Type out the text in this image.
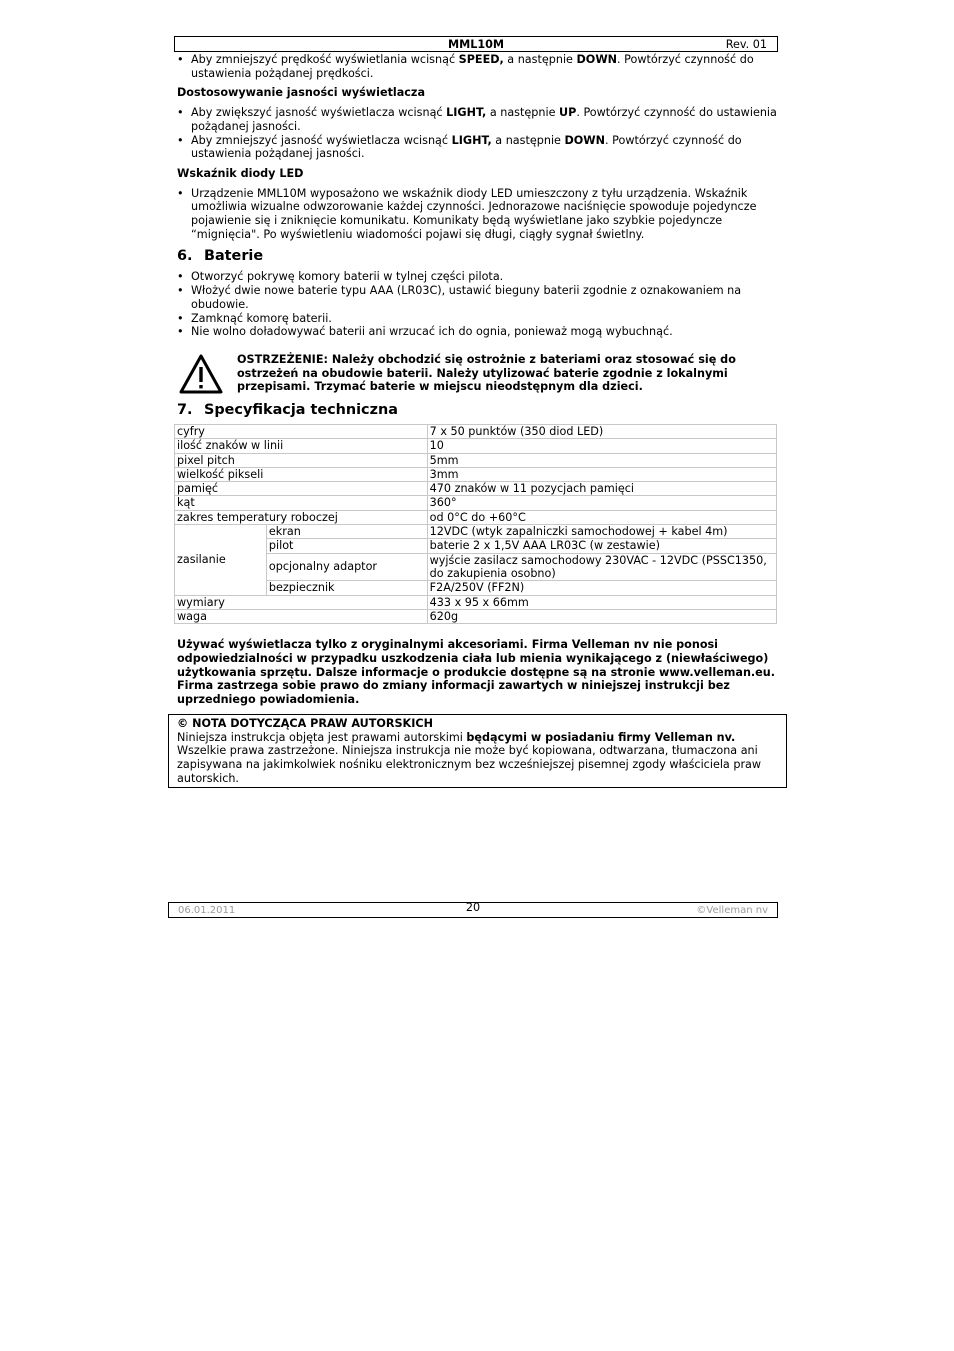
MML10M	Rev. 01
• Aby zmniejszyć prędkość wyświetlania wcisnąć SPEED, a następnie DOWN. Powtórzyć czynność do ustawienia pożądanej prędkości.
Dostosowywanie jasności wyświetlacza
• Aby zwiększyć jasność wyświetlacza wcisnąć LIGHT, a następnie UP. Powtórzyć czynność do ustawienia pożądanej jasności.
• Aby zmniejszyć jasność wyświetlacza wcisnąć LIGHT, a następnie DOWN. Powtórzyć czynność do ustawienia pożądanej jasności.
Wskaźnik diody LED
• Urządzenie MML10M wyposażono we wskaźnik diody LED umieszczony z tyłu urządzenia. Wskaźnik umożliwia wizualne odwzorowanie każdej czynności. Jednorazowe naciśnięcie spowoduje pojedyncze pojawienie się i zniknięcie komunikatu. Komunikaty będą wyświetlane jako szybkie pojedyncze “mignięcia". Po wyświetleniu wiadomości pojawi się długi, ciągły sygnał świetlny.
6. Baterie
• Otworzyć pokrywę komory baterii w tylnej części pilota.
• Włożyć dwie nowe baterie typu AAA (LR03C), ustawić bieguny baterii zgodnie z oznakowaniem na obudowie.
• Zamknąć komorę baterii.
• Nie wolno doładowywać baterii ani wrzucać ich do ognia, ponieważ mogą wybuchnąć.
OSTRZEŻENIE: Należy obchodzić się ostrożnie z bateriami oraz stosować się do ostrzeżeń na obudowie baterii. Należy utylizować baterie zgodnie z lokalnymi przepisami. Trzymać baterie w miejscu nieodstępnym dla dzieci.
7. Specyfikacja techniczna
cyfry		7 x 50 punktów (350 diod LED)
ilość znaków w linii		10
pixel pitch		5mm
wielkość pikseli		3mm
pamięć		470 znaków w 11 pozycjach pamięci
kąt		360°
zakres temperatury roboczej		od 0°C do +60°C
zasilanie	ekran	12VDC (wtyk zapalniczki samochodowej + kabel 4m)
	pilot	baterie 2 x 1,5V AAA LR03C (w zestawie)
	opcjonalny adaptor	wyjście zasilacz samochodowy 230VAC - 12VDC (PSSC1350, do zakupienia osobno)
	bezpiecznik	F2A/250V (FF2N)
wymiary		433 x 95 x 66mm
waga		620g
Używać wyświetlacza tylko z oryginalnymi akcesoriami. Firma Velleman nv nie ponosi odpowiedzialności w przypadku uszkodzenia ciała lub mienia wynikającego z (niewłaściwego) użytkowania sprzętu. Dalsze informacje o produkcie dostępne są na stronie www.velleman.eu. Firma zastrzega sobie prawo do zmiany informacji zawartych w niniejszej instrukcji bez uprzedniego powiadomienia.
© NOTA DOTYCZĄCA PRAW AUTORSKICH
Niniejsza instrukcja objęta jest prawami autorskimi będącymi w posiadaniu firmy Velleman nv. Wszelkie prawa zastrzeżone. Niniejsza instrukcja nie może być kopiowana, odtwarzana, tłumaczona ani zapisywana na jakimkolwiek nośniku elektronicznym bez wcześniejszej pisemnej zgody właściciela praw autorskich.
06.01.2011	20	©Velleman nv
